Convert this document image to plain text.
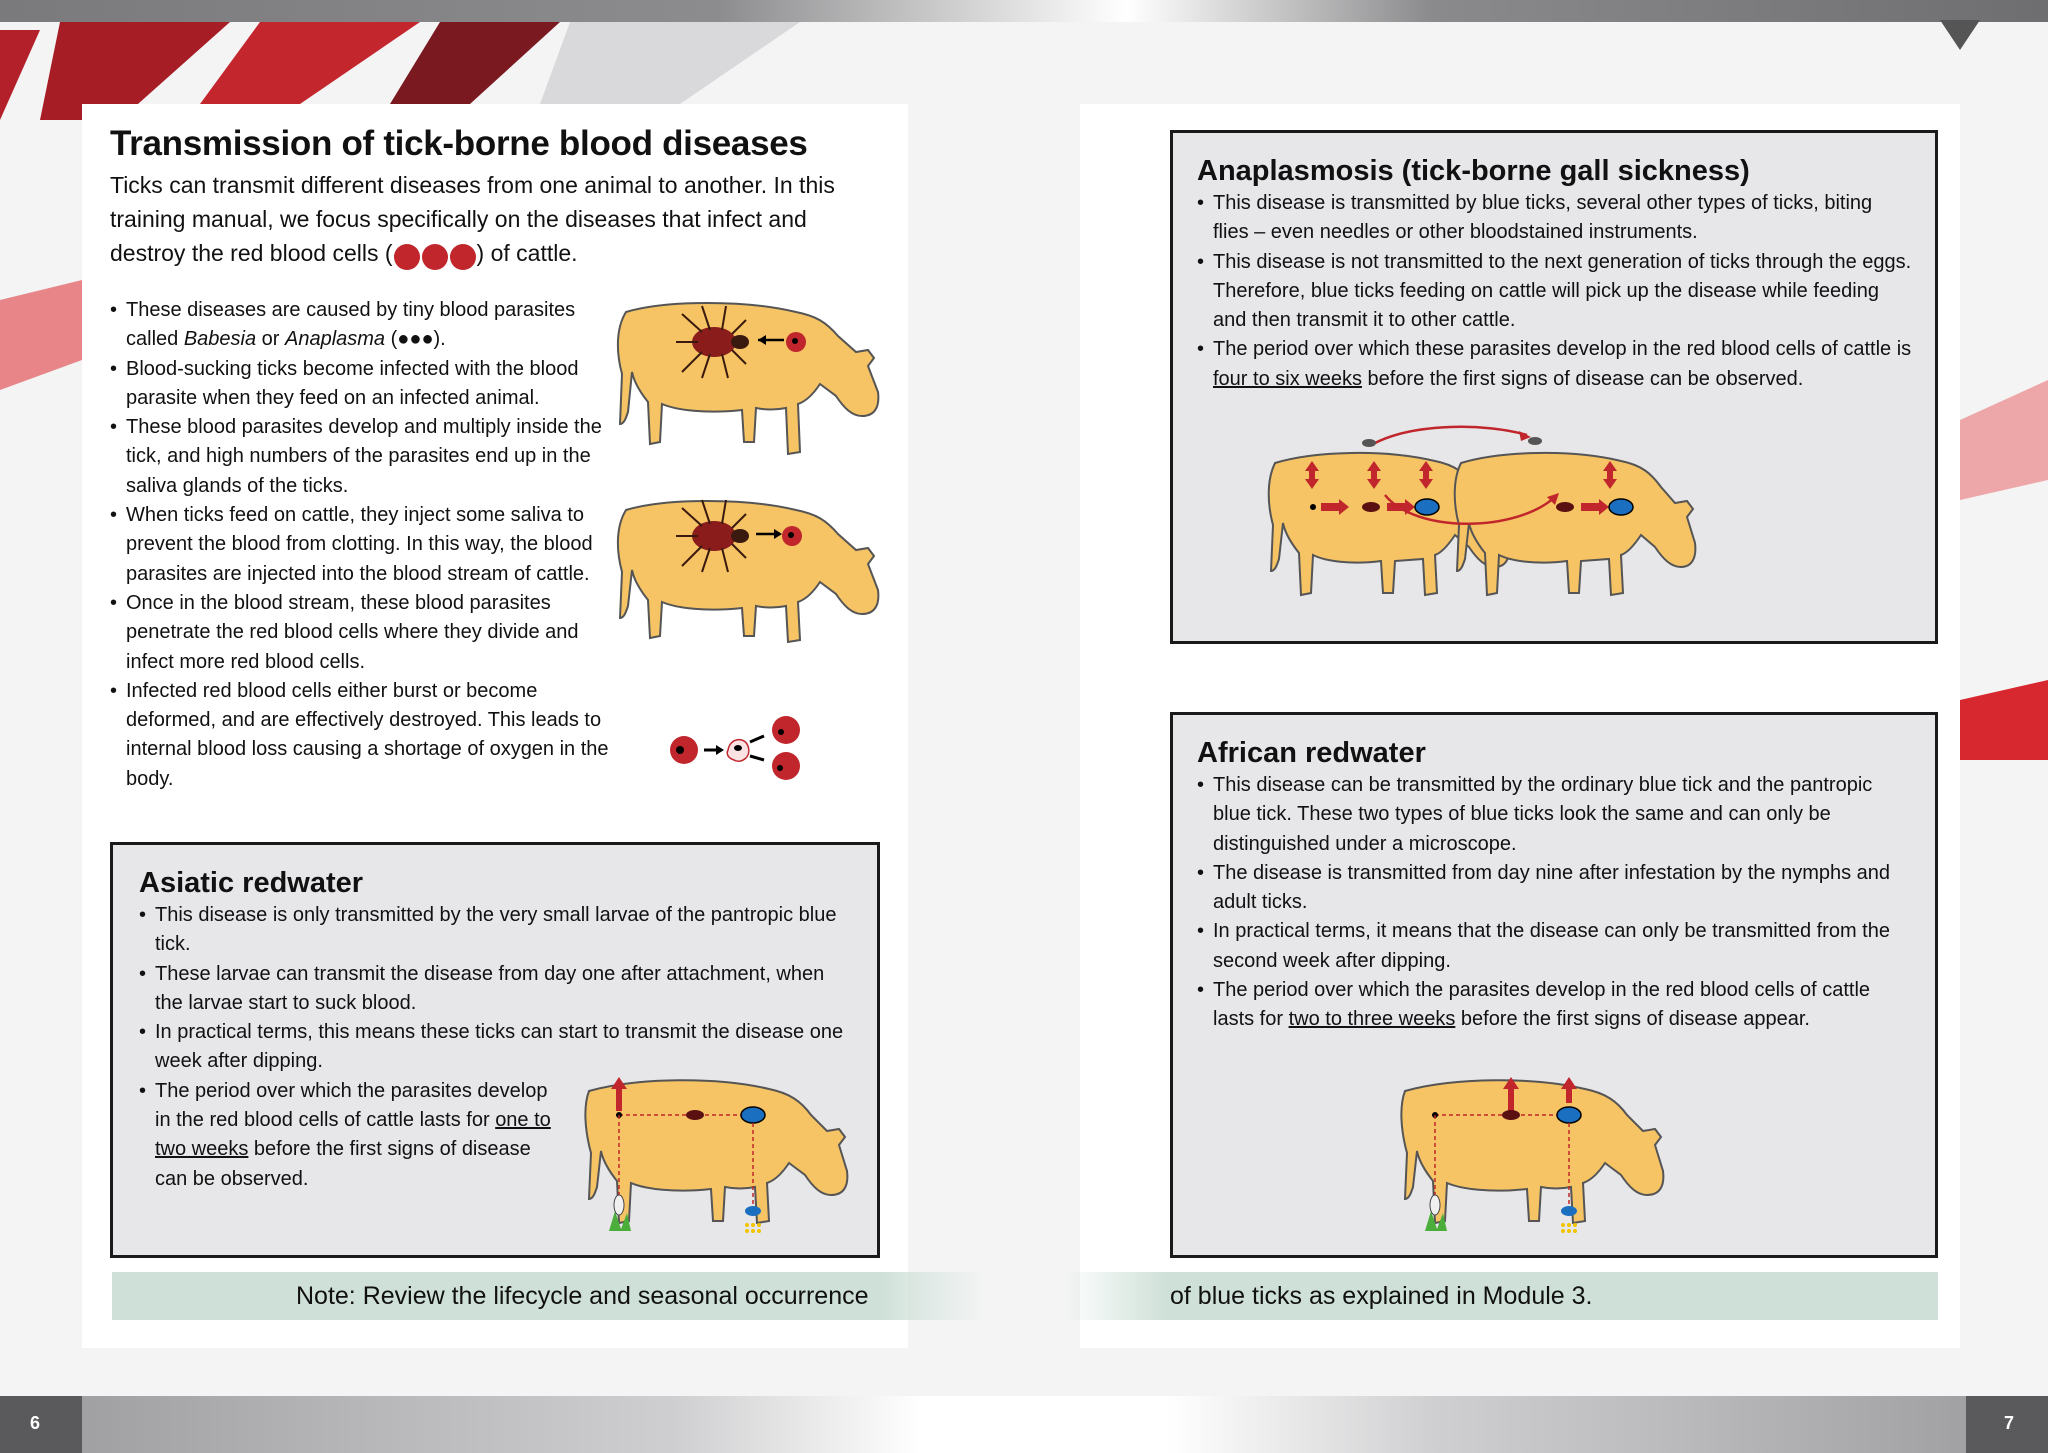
Transmission of tick-borne blood diseases

Ticks can transmit different diseases from one animal to another. In this training manual, we focus specifically on the diseases that infect and destroy the red blood cells (	) of cattle.

• These diseases are caused by tiny blood parasites called Babesia or Anaplasma (●●●).
• Blood-sucking ticks become infected with the blood parasite when they feed on an infected animal.
• These blood parasites develop and multiply inside the tick, and high numbers of the parasites end up in the saliva glands of the ticks.
• When ticks feed on cattle, they inject some saliva to prevent the blood from clotting. In this way, the blood parasites are injected into the blood stream of cattle.
• Once in the blood stream, these blood parasites penetrate the red blood cells where they divide and infect more red blood cells.
• Infected red blood cells either burst or become deformed, and are effectively destroyed. This leads to internal blood loss causing a shortage of oxygen in the body.
Asiatic redwater
• This disease is only transmitted by the very small larvae of the pantropic blue tick.
• These larvae can transmit the disease from day one after attachment, when the larvae start to suck blood.
• In practical terms, this means these ticks can start to transmit the disease one week after dipping.
• The period over which the parasites develop in the red blood cells of cattle lasts for one to two weeks before the first signs of disease can be observed.
Note: Review the lifecycle and seasonal occurrence
Anaplasmosis (tick-borne gall sickness)
• This disease is transmitted by blue ticks, several other types of ticks, biting flies – even needles or other bloodstained instruments.
• This disease is not transmitted to the next generation of ticks through the eggs. Therefore, blue ticks feeding on cattle will pick up the disease while feeding and then transmit it to other cattle.
• The period over which these parasites develop in the red blood cells of cattle is four to six weeks before the first signs of disease can be observed.
African redwater
• This disease can be transmitted by the ordinary blue tick and the pantropic blue tick. These two types of blue ticks look the same and can only be distinguished under a microscope.
• The disease is transmitted from day nine after infestation by the nymphs and adult ticks.
• In practical terms, it means that the disease can only be transmitted from the second week after dipping.
• The period over which the parasites develop in the red blood cells of cattle lasts for two to three weeks before the first signs of disease appear.
of blue ticks as explained in Module 3.
6	7
